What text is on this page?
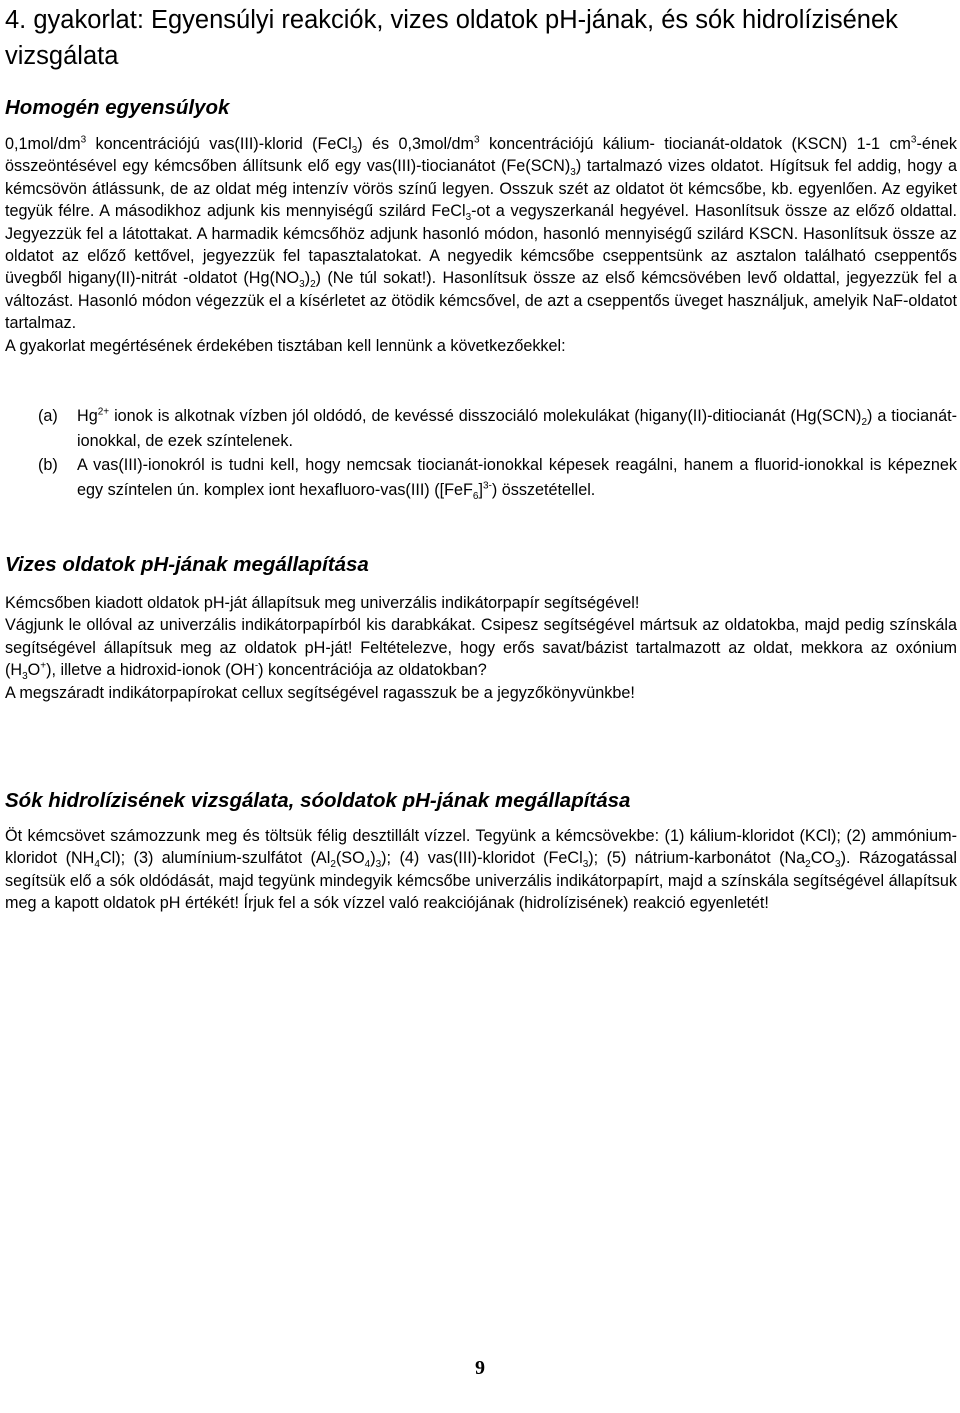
4. gyakorlat: Egyensúlyi reakciók, vizes oldatok pH-jának, és sók hidrolízisének vizsgálata
Homogén egyensúlyok

$0,1mol/dm^3$ koncentrációjú vas(III)-klorid (FeCl$_3$) és $0,3mol/dm^3$ koncentrációjú kálium- tiocianát-oldatok (KSCN) 1-1 $cm^3$-ének összeöntésével egy kémcsőben állítsunk elő egy vas(III)-tiocianátot $(Fe(SCN)_3)$ tartalmazó vizes oldatot. Hígítsuk fel addig, hogy a kémcsövön átlássunk, de az oldat még intenzív vörös színű legyen. Osszuk szét az oldatot öt kémcsőbe, kb. egyenlően. Az egyiket tegyük félre. A másodikhoz adjunk kis mennyiségű szilárd FeCl$_3$-ot a vegyszerkanál hegyével. Hasonlítsuk össze az előző oldattal. Jegyezzük fel a látottakat. A harmadik kémcsőhöz adjunk hasonló módon, hasonló mennyiségű szilárd KSCN. Hasonlítsuk össze az oldatot az előző kettővel, jegyezzük fel tapasztalatokat. A negyedik kémcsőbe cseppentsünk az asztalon található cseppentős üvegből higany(II)-nitrát -oldatot $(Hg(NO_3)_2)$ (Ne túl sokat!). Hasonlítsuk össze az első kémcsövében levő oldattal, jegyezzük fel a változást. Hasonló módon végezzük el a kísérletet az ötödik kémcsővel, de azt a cseppentős üveget használjuk, amelyik NaF-oldatot tartalmaz.
A gyakorlat megértésének érdekében tisztában kell lennünk a következőekkel:

(a) $Hg^{2+}$ ionok is alkotnak vízben jól oldódó, de kevéssé disszociáló molekulákat (higany(II)-ditiocianát $(Hg(SCN)_2)$ a tiocianát-ionokkal, de ezek színtelenek.
(b) A vas(III)-ionokról is tudni kell, hogy nemcsak tiocianát-ionokkal képesek reagálni, hanem a fluorid-ionokkal is képeznek egy színtelen ún. komplex iont hexafluoro-vas(III) $([FeF_6]^{3-})$ összetétellel.
Vizes oldatok pH-jának megállapítása

Kémcsőben kiadott oldatok pH-ját állapítsuk meg univerzális indikátorpapír segítségével!
Vágjunk le ollóval az univerzális indikátorpapírból kis darabkákat. Csipesz segítségével mártsuk az oldatokba, majd pedig színskála segítségével állapítsuk meg az oldatok pH-ját! Feltételezve, hogy erős savat/bázist tartalmazott az oldat, mekkora az oxónium $(H_3O^+)$, illetve a hidroxid-ionok (OH-) koncentrációja az oldatokban?
A megszáradt indikátorpapírokat cellux segítségével ragasszuk be a jegyzőkönyvünkbe!

Sók hidrolízisének vizsgálata, sóoldatok pH-jának megállapítása

Öt kémcsövet számozzunk meg és töltsük félig desztillált vízzel. Tegyünk a kémcsövekbe: (1) kálium-kloridot (KCl); (2) ammónium-kloridot $(NH_4Cl)$; (3) alumínium-szulfátot $(Al_2(SO_4)_3)$; (4) vas(III)-kloridot (FeCl$_3$); (5) nátrium-karbonátot $(Na_2CO_3)$. Rázogatással segítsük elő a sók oldódását, majd tegyünk mindegyik kémcsőbe univerzális indikátorpapírt, majd a színskála segítségével állapítsuk meg a kapott oldatok pH értékét! Írjuk fel a sók vízzel való reakciójának (hidrolízisének) reakció egyenletét!

9
